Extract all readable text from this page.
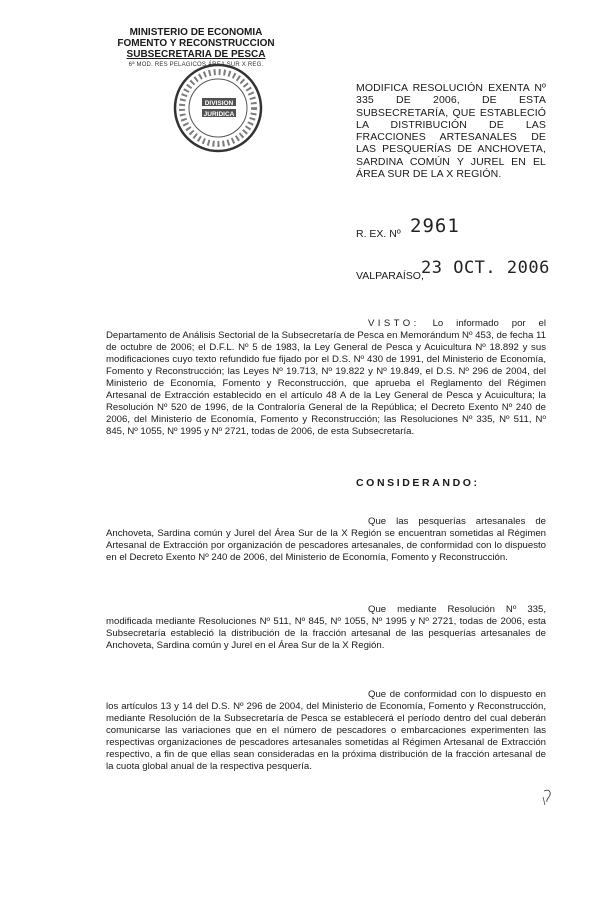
MINISTERIO DE ECONOMIA
FOMENTO Y RECONSTRUCCION
SUBSECRETARIA DE PESCA
6ª MOD. RES PELAGICOS ÁREA SUR X REG.
DIVISION
JURIDICA
MODIFICA RESOLUCIÓN EXENTA Nº 335 DE 2006, DE ESTA SUBSECRETARÍA, QUE ESTABLECIÓ LA DISTRIBUCIÓN DE LAS FRACCIONES ARTESANALES DE LAS PESQUERÍAS DE ANCHOVETA, SARDINA COMÚN Y JUREL EN EL ÁREA SUR DE LA X REGIÓN.
R. EX. Nº 2961
VALPARAÍSO,
23 OCT. 2006
VISTO: Lo informado por el Departamento de Análisis Sectorial de la Subsecretaría de Pesca en Memorándum Nº 453, de fecha 11 de octubre de 2006; el D.F.L. Nº 5 de 1983, la Ley General de Pesca y Acuicultura Nº 18.892 y sus modificaciones cuyo texto refundido fue fijado por el D.S. Nº 430 de 1991, del Ministerio de Economía, Fomento y Reconstrucción; las Leyes Nº 19.713, Nº 19.822 y Nº 19.849, el D.S. Nº 296 de 2004, del Ministerio de Economía, Fomento y Reconstrucción, que aprueba el Reglamento del Régimen Artesanal de Extracción establecido en el artículo 48 A de la Ley General de Pesca y Acuicultura; la Resolución Nº 520 de 1996, de la Contraloría General de la República; el Decreto Exento Nº 240 de 2006, del Ministerio de Economía, Fomento y Reconstrucción; las Resoluciones Nº 335, Nº 511, Nº 845, Nº 1055, Nº 1995 y Nº 2721, todas de 2006, de esta Subsecretaría.
CONSIDERANDO:
Que las pesquerías artesanales de Anchoveta, Sardina común y Jurel del Área Sur de la X Región se encuentran sometidas al Régimen Artesanal de Extracción por organización de pescadores artesanales, de conformidad con lo dispuesto en el Decreto Exento Nº 240 de 2006, del Ministerio de Economía, Fomento y Reconstrucción.
Que mediante Resolución Nº 335, modificada mediante Resoluciones Nº 511, Nº 845, Nº 1055, Nº 1995 y Nº 2721, todas de 2006, esta Subsecretaría estableció la distribución de la fracción artesanal de las pesquerías artesanales de Anchoveta, Sardina común y Jurel en el Área Sur de la X Región.
Que de conformidad con lo dispuesto en los artículos 13 y 14 del D.S. Nº 296 de 2004, del Ministerio de Economía, Fomento y Reconstrucción, mediante Resolución de la Subsecretaría de Pesca se establecerá el período dentro del cual deberán comunicarse las variaciones que en el número de pescadores o embarcaciones experimenten las respectivas organizaciones de pescadores artesanales sometidas al Régimen Artesanal de Extracción respectivo, a fin de que ellas sean consideradas en la próxima distribución de la fracción artesanal de la cuota global anual de la respectiva pesquería.
